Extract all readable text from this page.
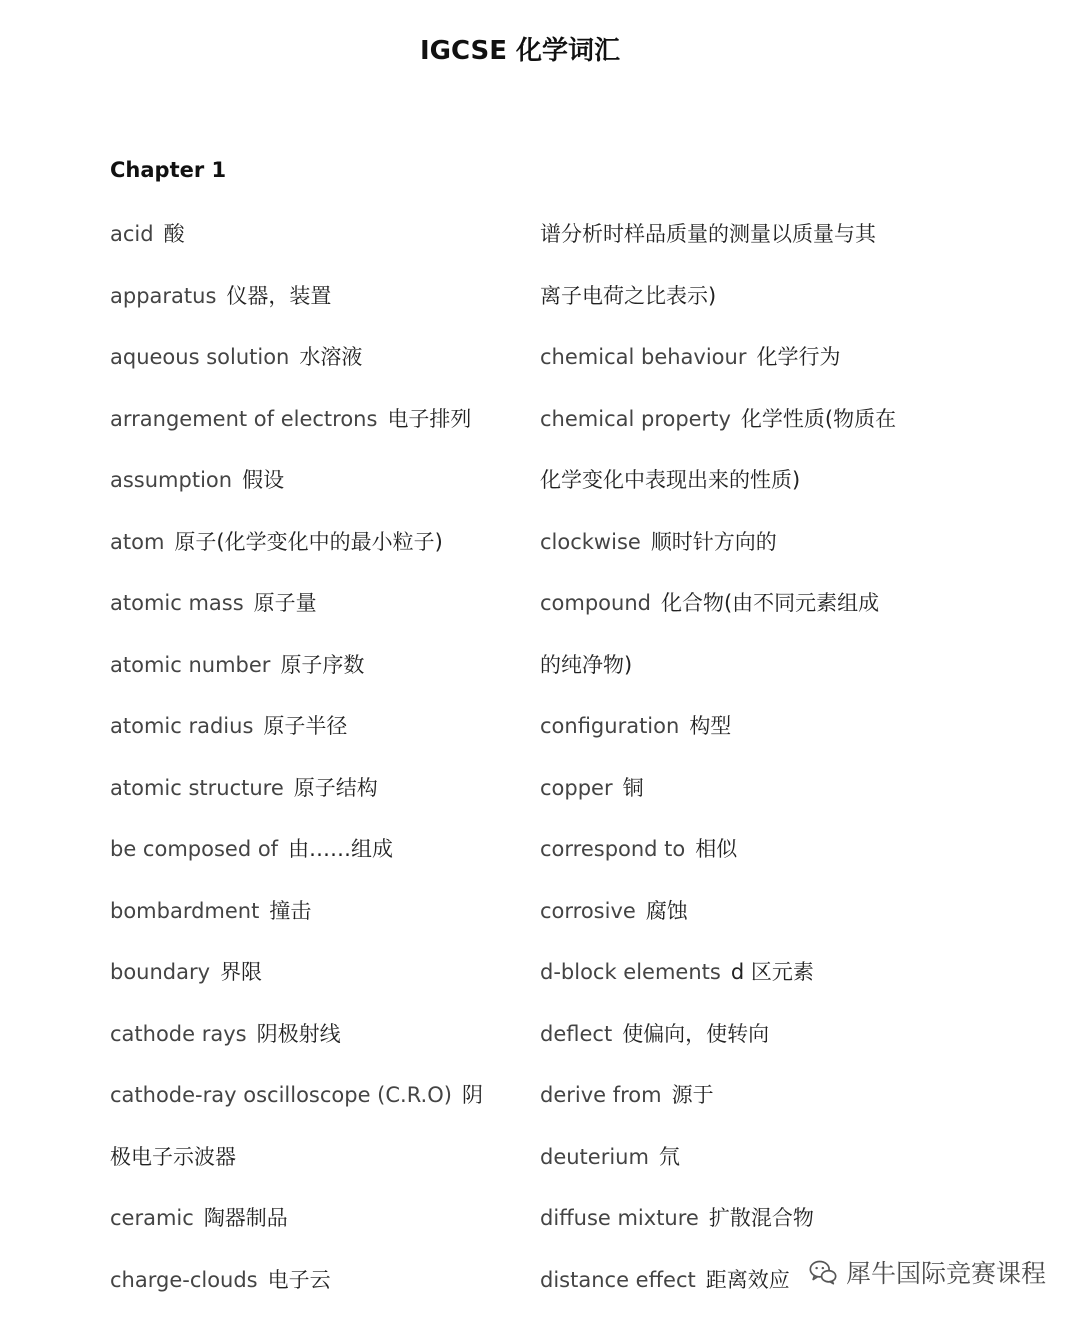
IGCSE 化学词汇
Chapter 1
acid 酸
apparatus 仪器，装置
aqueous solution 水溶液
arrangement of electrons 电子排列
assumption 假设
atom 原子(化学变化中的最小粒子)
atomic mass 原子量
atomic number 原子序数
atomic radius 原子半径
atomic structure 原子结构
be composed of 由……组成
bombardment 撞击
boundary 界限
cathode rays 阴极射线
cathode-ray oscilloscope (C.R.O) 阴
极电子示波器
ceramic 陶器制品
charge-clouds 电子云
谱分析时样品质量的测量以质量与其
离子电荷之比表示)
chemical behaviour 化学行为
chemical property 化学性质(物质在
化学变化中表现出来的性质)
clockwise 顺时针方向的
compound 化合物(由不同元素组成
的纯净物)
configuration 构型
copper 铜
correspond to 相似
corrosive 腐蚀
d-block elements d 区元素
deflect 使偏向，使转向
derive from 源于
deuterium 氘
diffuse mixture 扩散混合物
distance effect 距离效应	犀牛国际竞赛课程
